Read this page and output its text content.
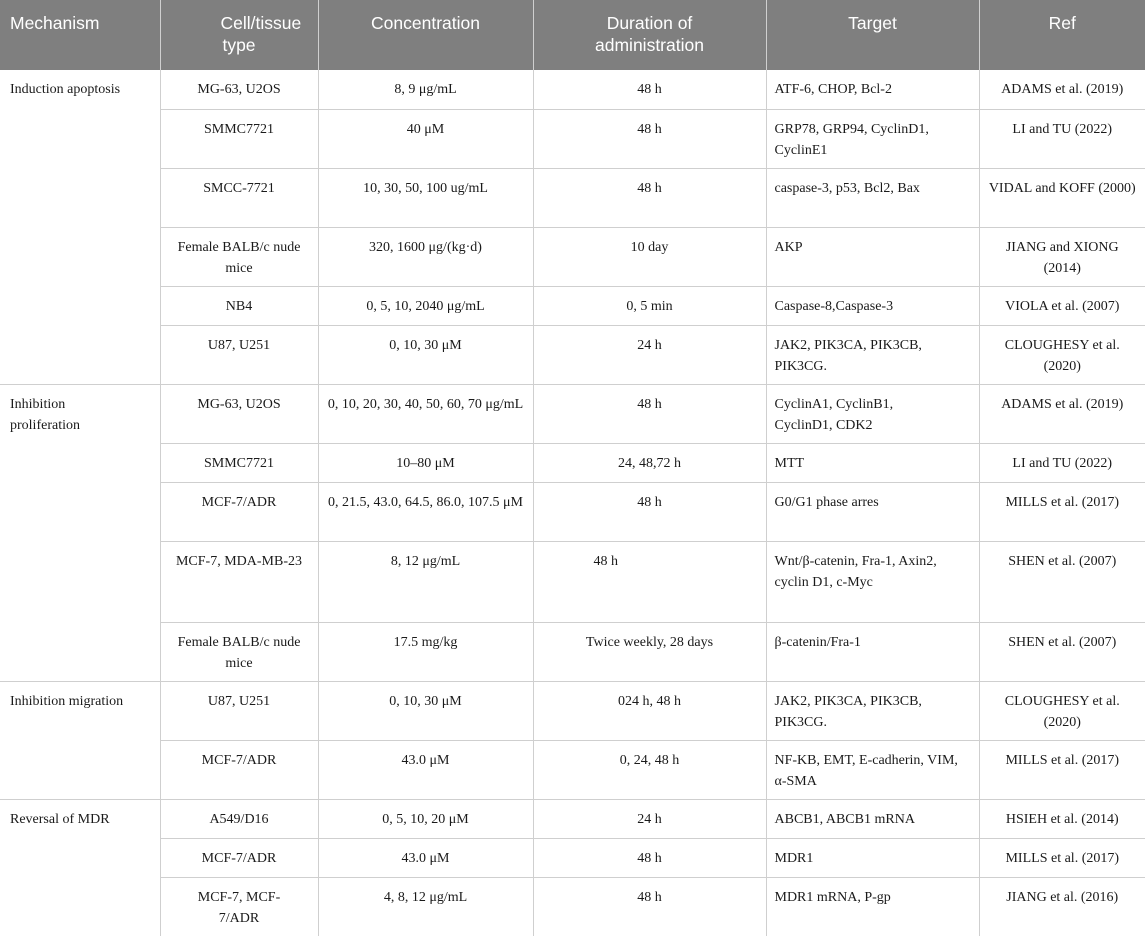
Mechanism	Cell/tissue type	Concentration	Duration of administration	Target	Ref
Induction apoptosis	MG-63, U2OS	8, 9 μg/mL	48 h	ATF-6, CHOP, Bcl-2	ADAMS et al. (2019)
	SMMC7721	40 μM	48 h	GRP78, GRP94, CyclinD1, CyclinE1	LI and TU (2022)
	SMCC-7721	10, 30, 50, 100 ug/mL	48 h	caspase-3, p53, Bcl2, Bax	VIDAL and KOFF (2000)
	Female BALB/c nude mice	320, 1600 μg/(kg·d)	10 day	AKP	JIANG and XIONG (2014)
	NB4	0, 5, 10, 2040 μg/mL	0, 5 min	Caspase-8,Caspase-3	VIOLA et al. (2007)
	U87, U251	0, 10, 30 μM	24 h	JAK2, PIK3CA, PIK3CB, PIK3CG.	CLOUGHESY et al. (2020)
Inhibition proliferation	MG-63, U2OS	0, 10, 20, 30, 40, 50, 60, 70 μg/mL	48 h	CyclinA1, CyclinB1, CyclinD1, CDK2	ADAMS et al. (2019)
	SMMC7721	10–80 μM	24, 48,72 h	MTT	LI and TU (2022)
	MCF-7/ADR	0, 21.5, 43.0, 64.5, 86.0, 107.5 μM	48 h	G0/G1 phase arres	MILLS et al. (2017)
	MCF-7, MDA-MB-23	8, 12 μg/mL	48 h	Wnt/β-catenin, Fra-1, Axin2, cyclin D1, c-Myc	SHEN et al. (2007)
	Female BALB/c nude mice	17.5 mg/kg	Twice weekly, 28 days	β-catenin/Fra-1	SHEN et al. (2007)
Inhibition migration	U87, U251	0, 10, 30 μM	024 h, 48 h	JAK2, PIK3CA, PIK3CB, PIK3CG.	CLOUGHESY et al. (2020)
	MCF-7/ADR	43.0 μM	0, 24, 48 h	NF-KB, EMT, E-cadherin, VIM, α-SMA	MILLS et al. (2017)
Reversal of MDR	A549/D16	0, 5, 10, 20 μM	24 h	ABCB1, ABCB1 mRNA	HSIEH et al. (2014)
	MCF-7/ADR	43.0 μM	48 h	MDR1	MILLS et al. (2017)
	MCF-7, MCF-7/ADR	4, 8, 12 μg/mL	48 h	MDR1 mRNA, P-gp	JIANG et al. (2016)
